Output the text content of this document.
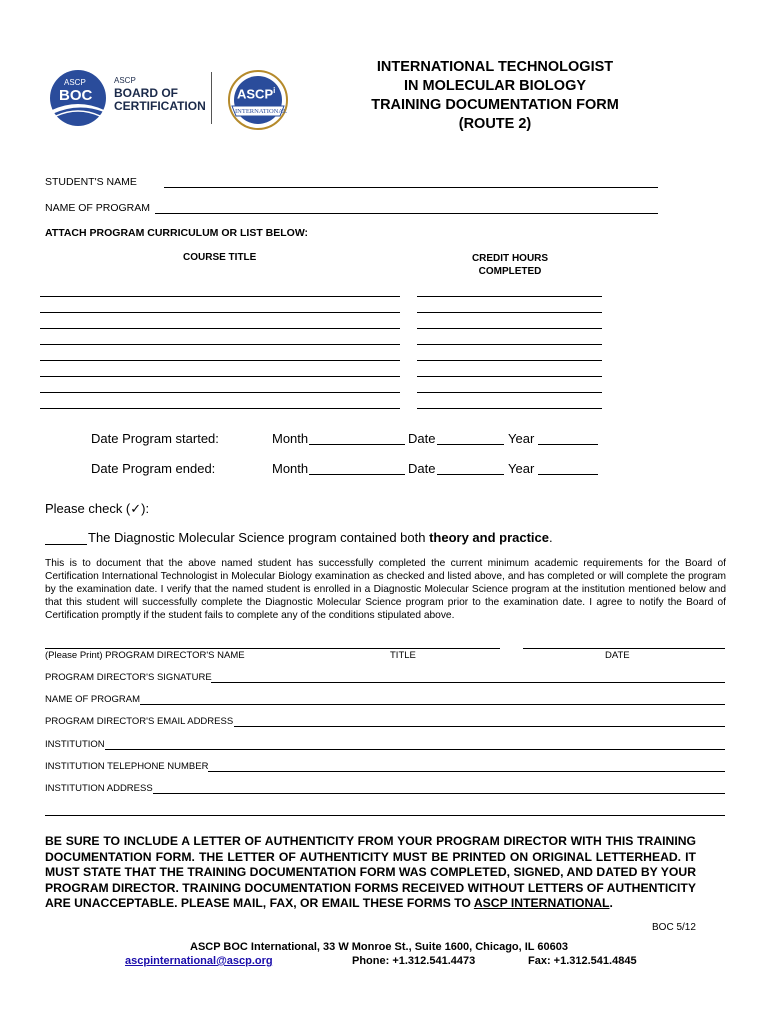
ASCP
BOC
ASCP
BOARD OF
CERTIFICATION
ASCP$^i$
INTERNATIONAL
INTERNATIONAL TECHNOLOGIST
IN MOLECULAR BIOLOGY
TRAINING DOCUMENTATION FORM
(ROUTE 2)
STUDENT'S NAME
NAME OF PROGRAM
ATTACH PROGRAM CURRICULUM OR LIST BELOW:
COURSE TITLE	CREDIT HOURS
COMPLETED
Date Program started:	Month	Date	Year
Date Program ended:	Month	Date	Year
Please check (✓):
The Diagnostic Molecular Science program contained both theory and practice.
This is to document that the above named student has successfully completed the current minimum academic requirements for the Board of Certification International Technologist in Molecular Biology examination as checked and listed above, and has completed or will complete the program by the examination date. I verify that the named student is enrolled in a Diagnostic Molecular Science program at the institution mentioned below and that this student will successfully complete the Diagnostic Molecular Science program prior to the examination date. I agree to notify the Board of Certification promptly if the student fails to complete any of the conditions stipulated above.
(Please Print) PROGRAM DIRECTOR'S NAME	TITLE	DATE
PROGRAM DIRECTOR'S SIGNATURE
NAME OF PROGRAM
PROGRAM DIRECTOR'S EMAIL ADDRESS
INSTITUTION
INSTITUTION TELEPHONE NUMBER
INSTITUTION ADDRESS
BE SURE TO INCLUDE A LETTER OF AUTHENTICITY FROM YOUR PROGRAM DIRECTOR WITH THIS TRAINING DOCUMENTATION FORM. THE LETTER OF AUTHENTICITY MUST BE PRINTED ON ORIGINAL LETTERHEAD. IT MUST STATE THAT THE TRAINING DOCUMENTATION FORM WAS COMPLETED, SIGNED, AND DATED BY YOUR PROGRAM DIRECTOR. TRAINING DOCUMENTATION FORMS RECEIVED WITHOUT LETTERS OF AUTHENTICITY ARE UNACCEPTABLE. PLEASE MAIL, FAX, OR EMAIL THESE FORMS TO ASCP INTERNATIONAL.
BOC 5/12
ASCP BOC International, 33 W Monroe St., Suite 1600, Chicago, IL 60603
ascpinternational@ascp.org	Phone: +1.312.541.4473	Fax: +1.312.541.4845
